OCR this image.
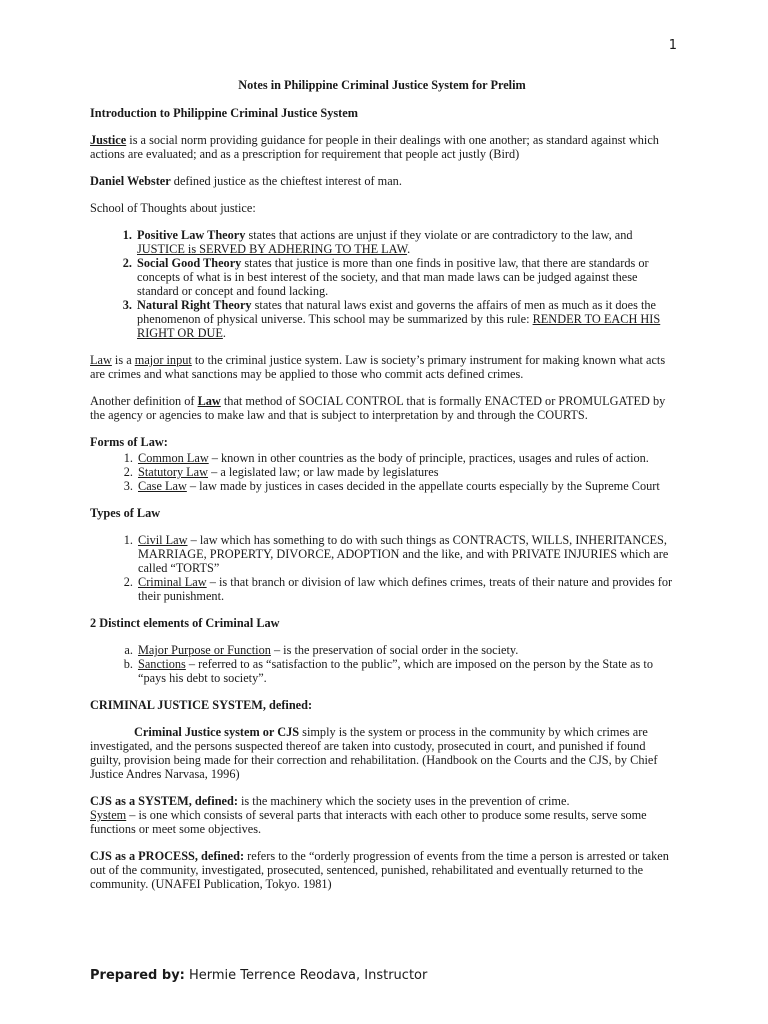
1
Notes in Philippine Criminal Justice System for Prelim

Introduction to Philippine Criminal Justice System

Justice is a social norm providing guidance for people in their dealings with one another; as standard against which actions are evaluated; and as a prescription for requirement that people act justly (Bird)

Daniel Webster defined justice as the chieftest interest of man.

School of Thoughts about justice:

1. Positive Law Theory states that actions are unjust if they violate or are contradictory to the law, and JUSTICE is SERVED BY ADHERING TO THE LAW.
2. Social Good Theory states that justice is more than one finds in positive law, that there are standards or concepts of what is in best interest of the society, and that man made laws can be judged against these standard or concept and found lacking.
3. Natural Right Theory states that natural laws exist and governs the affairs of men as much as it does the phenomenon of physical universe. This school may be summarized by this rule: RENDER TO EACH HIS RIGHT OR DUE.

Law is a major input to the criminal justice system. Law is society’s primary instrument for making known what acts are crimes and what sanctions may be applied to those who commit acts defined crimes.

Another definition of Law that method of SOCIAL CONTROL that is formally ENACTED or PROMULGATED by the agency or agencies to make law and that is subject to interpretation by and through the COURTS.

Forms of Law:
1. Common Law – known in other countries as the body of principle, practices, usages and rules of action.
2. Statutory Law – a legislated law; or law made by legislatures
3. Case Law – law made by justices in cases decided in the appellate courts especially by the Supreme Court

Types of Law

1. Civil Law – law which has something to do with such things as CONTRACTS, WILLS, INHERITANCES, MARRIAGE, PROPERTY, DIVORCE, ADOPTION and the like, and with PRIVATE INJURIES which are called “TORTS”
2. Criminal Law – is that branch or division of law which defines crimes, treats of their nature and provides for their punishment.

2 Distinct elements of Criminal Law

a. Major Purpose or Function – is the preservation of social order in the society.
b. Sanctions – referred to as “satisfaction to the public”, which are imposed on the person by the State as to “pays his debt to society”.

CRIMINAL JUSTICE SYSTEM, defined:

Criminal Justice system or CJS simply is the system or process in the community by which crimes are investigated, and the persons suspected thereof are taken into custody, prosecuted in court, and punished if found guilty, provision being made for their correction and rehabilitation. (Handbook on the Courts and the CJS, by Chief Justice Andres Narvasa, 1996)

CJS as a SYSTEM, defined: is the machinery which the society uses in the prevention of crime.
System – is one which consists of several parts that interacts with each other to produce some results, serve some functions or meet some objectives.

CJS as a PROCESS, defined: refers to the “orderly progression of events from the time a person is arrested or taken out of the community, investigated, prosecuted, sentenced, punished, rehabilitated and eventually returned to the community. (UNAFEI Publication, Tokyo. 1981)

Prepared by: Hermie Terrence Reodava, Instructor
